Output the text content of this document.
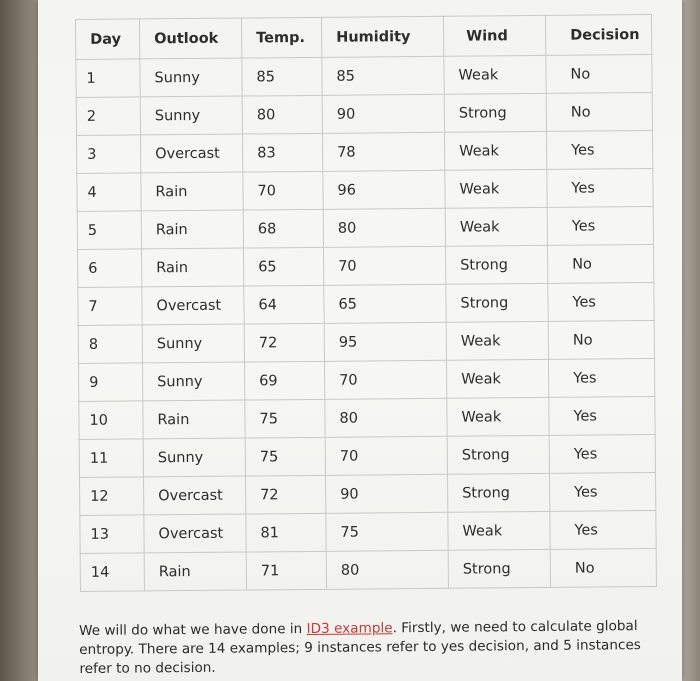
Day	Outlook	Temp.	Humidity	Wind	Decision
1	Sunny	85	85	Weak	No
2	Sunny	80	90	Strong	No
3	Overcast	83	78	Weak	Yes
4	Rain	70	96	Weak	Yes
5	Rain	68	80	Weak	Yes
6	Rain	65	70	Strong	No
7	Overcast	64	65	Strong	Yes
8	Sunny	72	95	Weak	No
9	Sunny	69	70	Weak	Yes
10	Rain	75	80	Weak	Yes
11	Sunny	75	70	Strong	Yes
12	Overcast	72	90	Strong	Yes
13	Overcast	81	75	Weak	Yes
14	Rain	71	80	Strong	No
We will do what we have done in ID3 example. Firstly, we need to calculate global entropy. There are 14 examples; 9 instances refer to yes decision, and 5 instances refer to no decision.
